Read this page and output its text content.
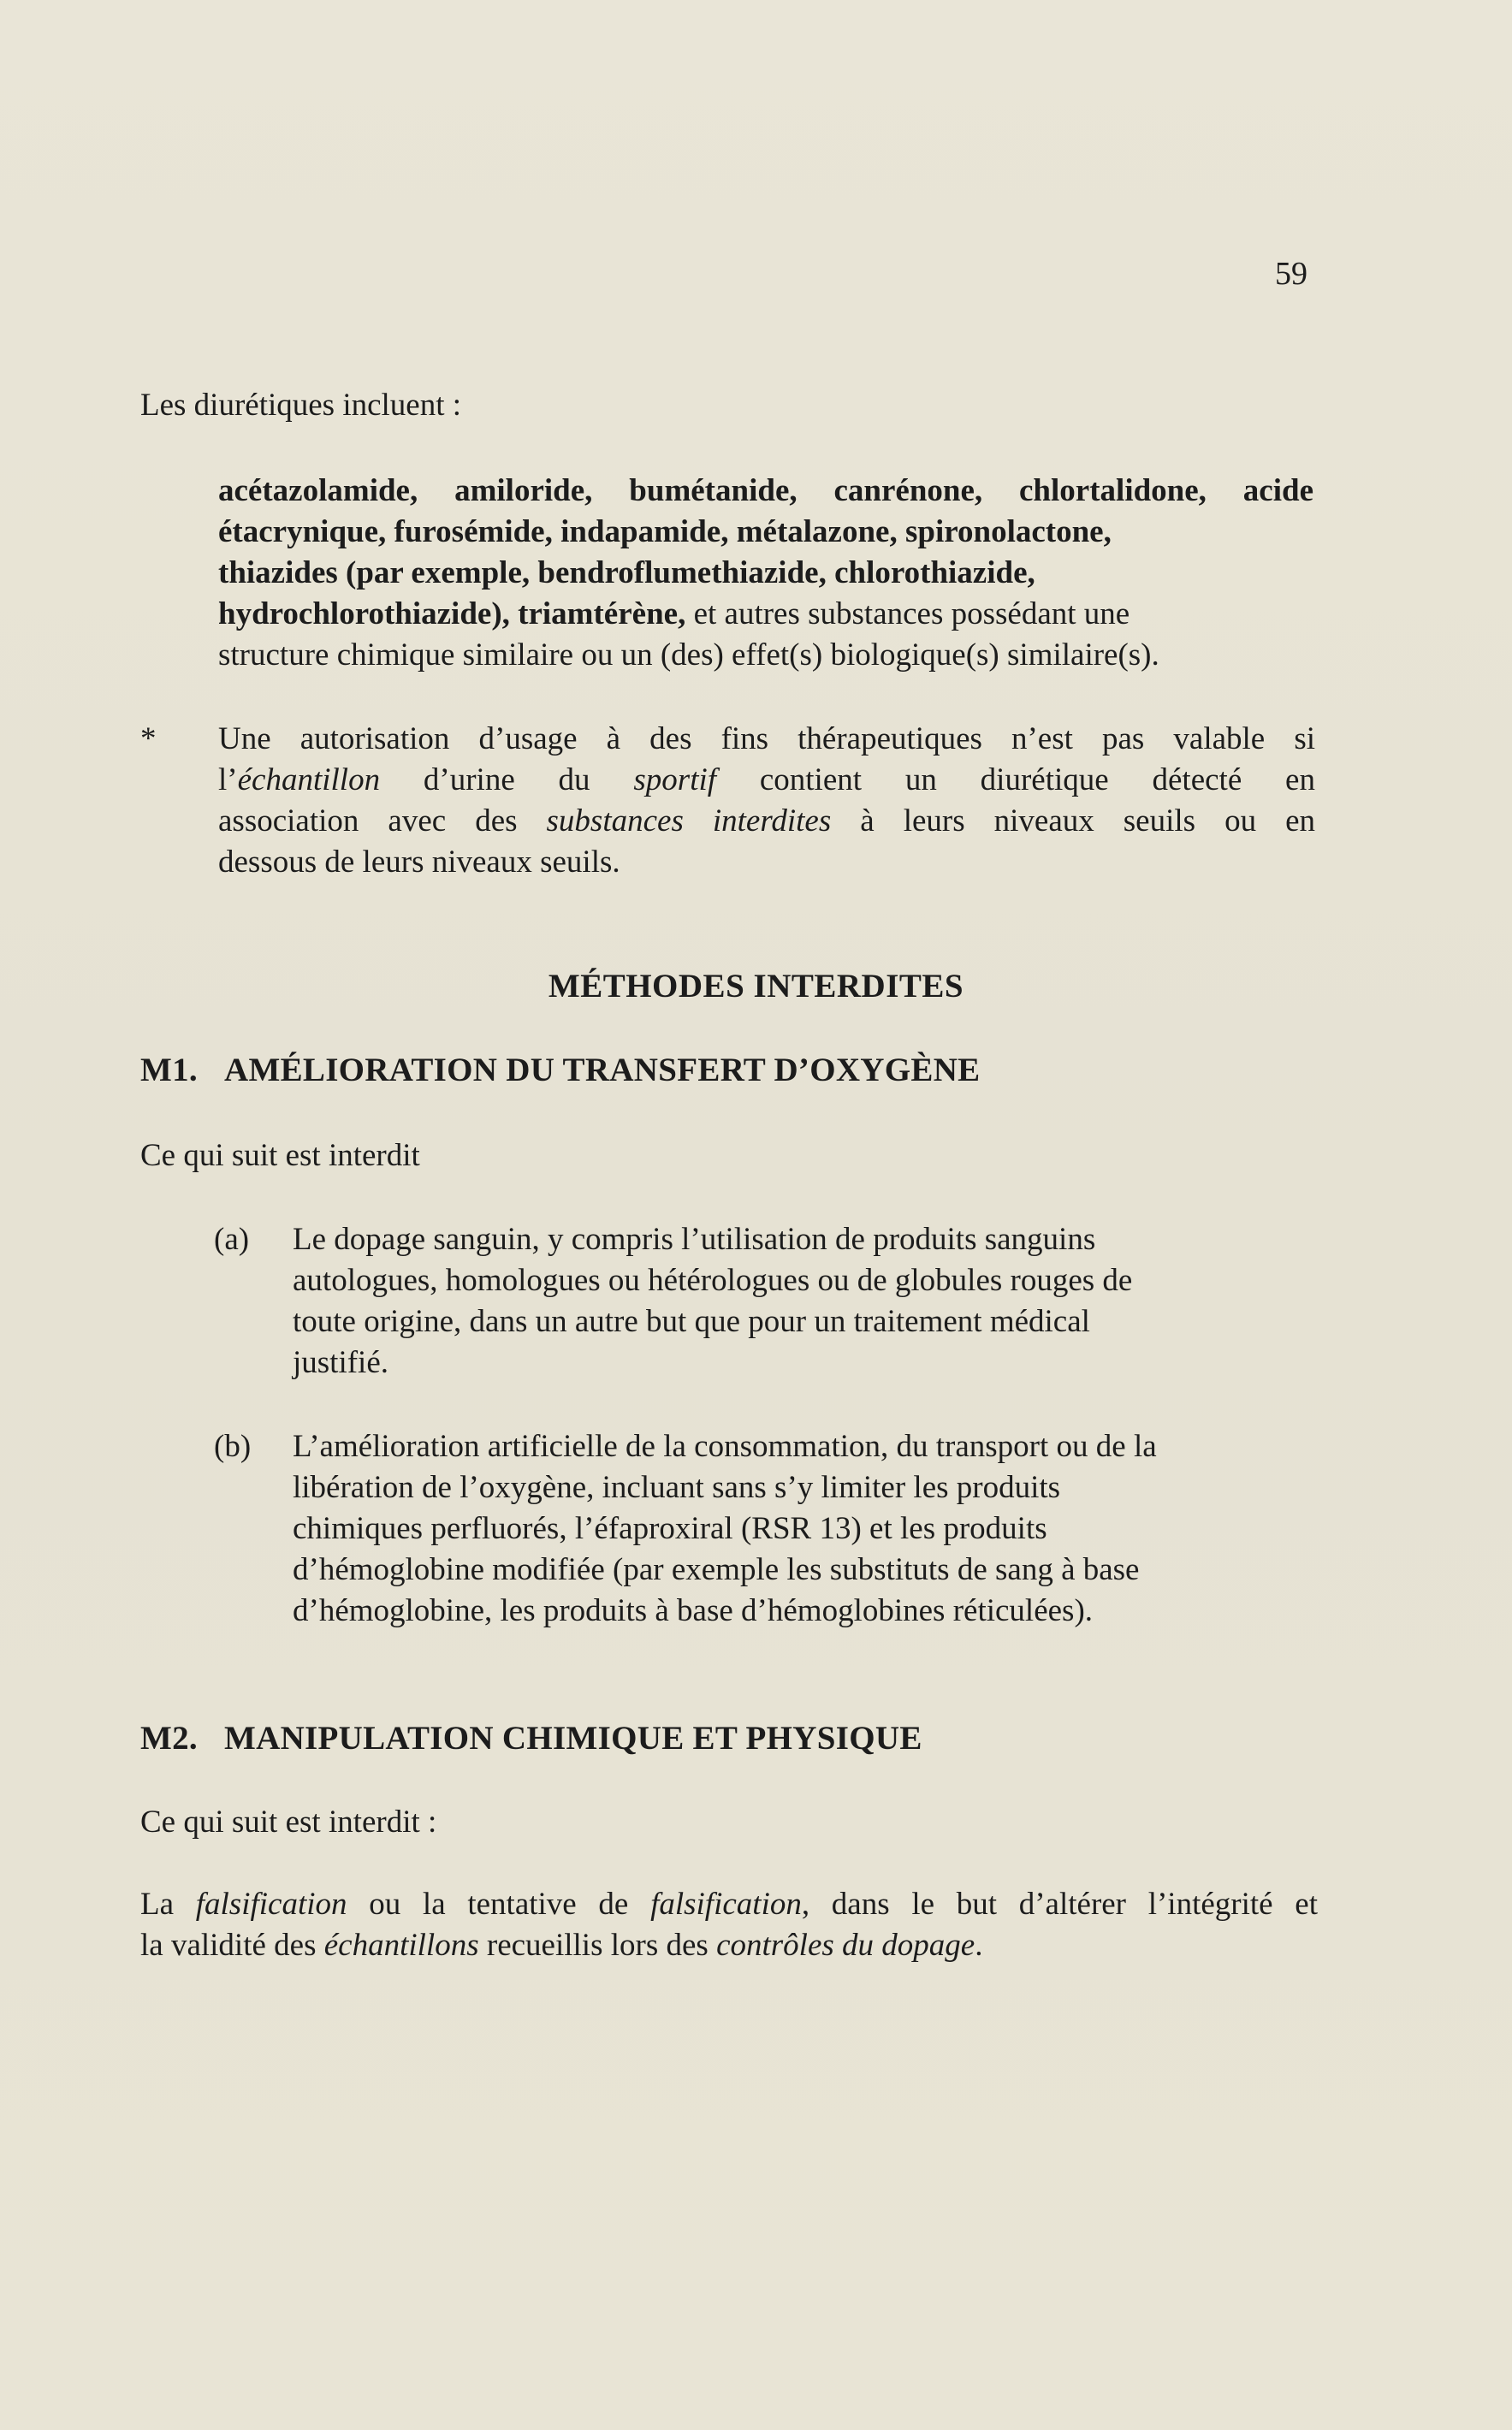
59

Les diurétiques incluent :

acétazolamide, amiloride, bumétanide, canrénone, chlortalidone, acide
étacrynique, furosémide, indapamide, métalazone, spironolactone,
thiazides (par exemple, bendroflumethiazide, chlorothiazide,
hydrochlorothiazide), triamtérène, et autres substances possédant une
structure chimique similaire ou un (des) effet(s) biologique(s) similaire(s).
*	Une autorisation d’usage à des fins thérapeutiques n’est pas valable si
l’échantillon d’urine du sportif contient un diurétique détecté en
association avec des substances interdites à leurs niveaux seuils ou en
dessous de leurs niveaux seuils.
MÉTHODES INTERDITES
M1. AMÉLIORATION DU TRANSFERT D’OXYGÈNE

Ce qui suit est interdit

(a) Le dopage sanguin, y compris l’utilisation de produits sanguins
autologues, homologues ou hétérologues ou de globules rouges de
toute origine, dans un autre but que pour un traitement médical
justifié.
(b) L’amélioration artificielle de la consommation, du transport ou de la
libération de l’oxygène, incluant sans s’y limiter les produits
chimiques perfluorés, l’éfaproxiral (RSR 13) et les produits
d’hémoglobine modifiée (par exemple les substituts de sang à base
d’hémoglobine, les produits à base d’hémoglobines réticulées).
M2. MANIPULATION CHIMIQUE ET PHYSIQUE

Ce qui suit est interdit :

La falsification ou la tentative de falsification, dans le but d’altérer l’intégrité et
la validité des échantillons recueillis lors des contrôles du dopage.
